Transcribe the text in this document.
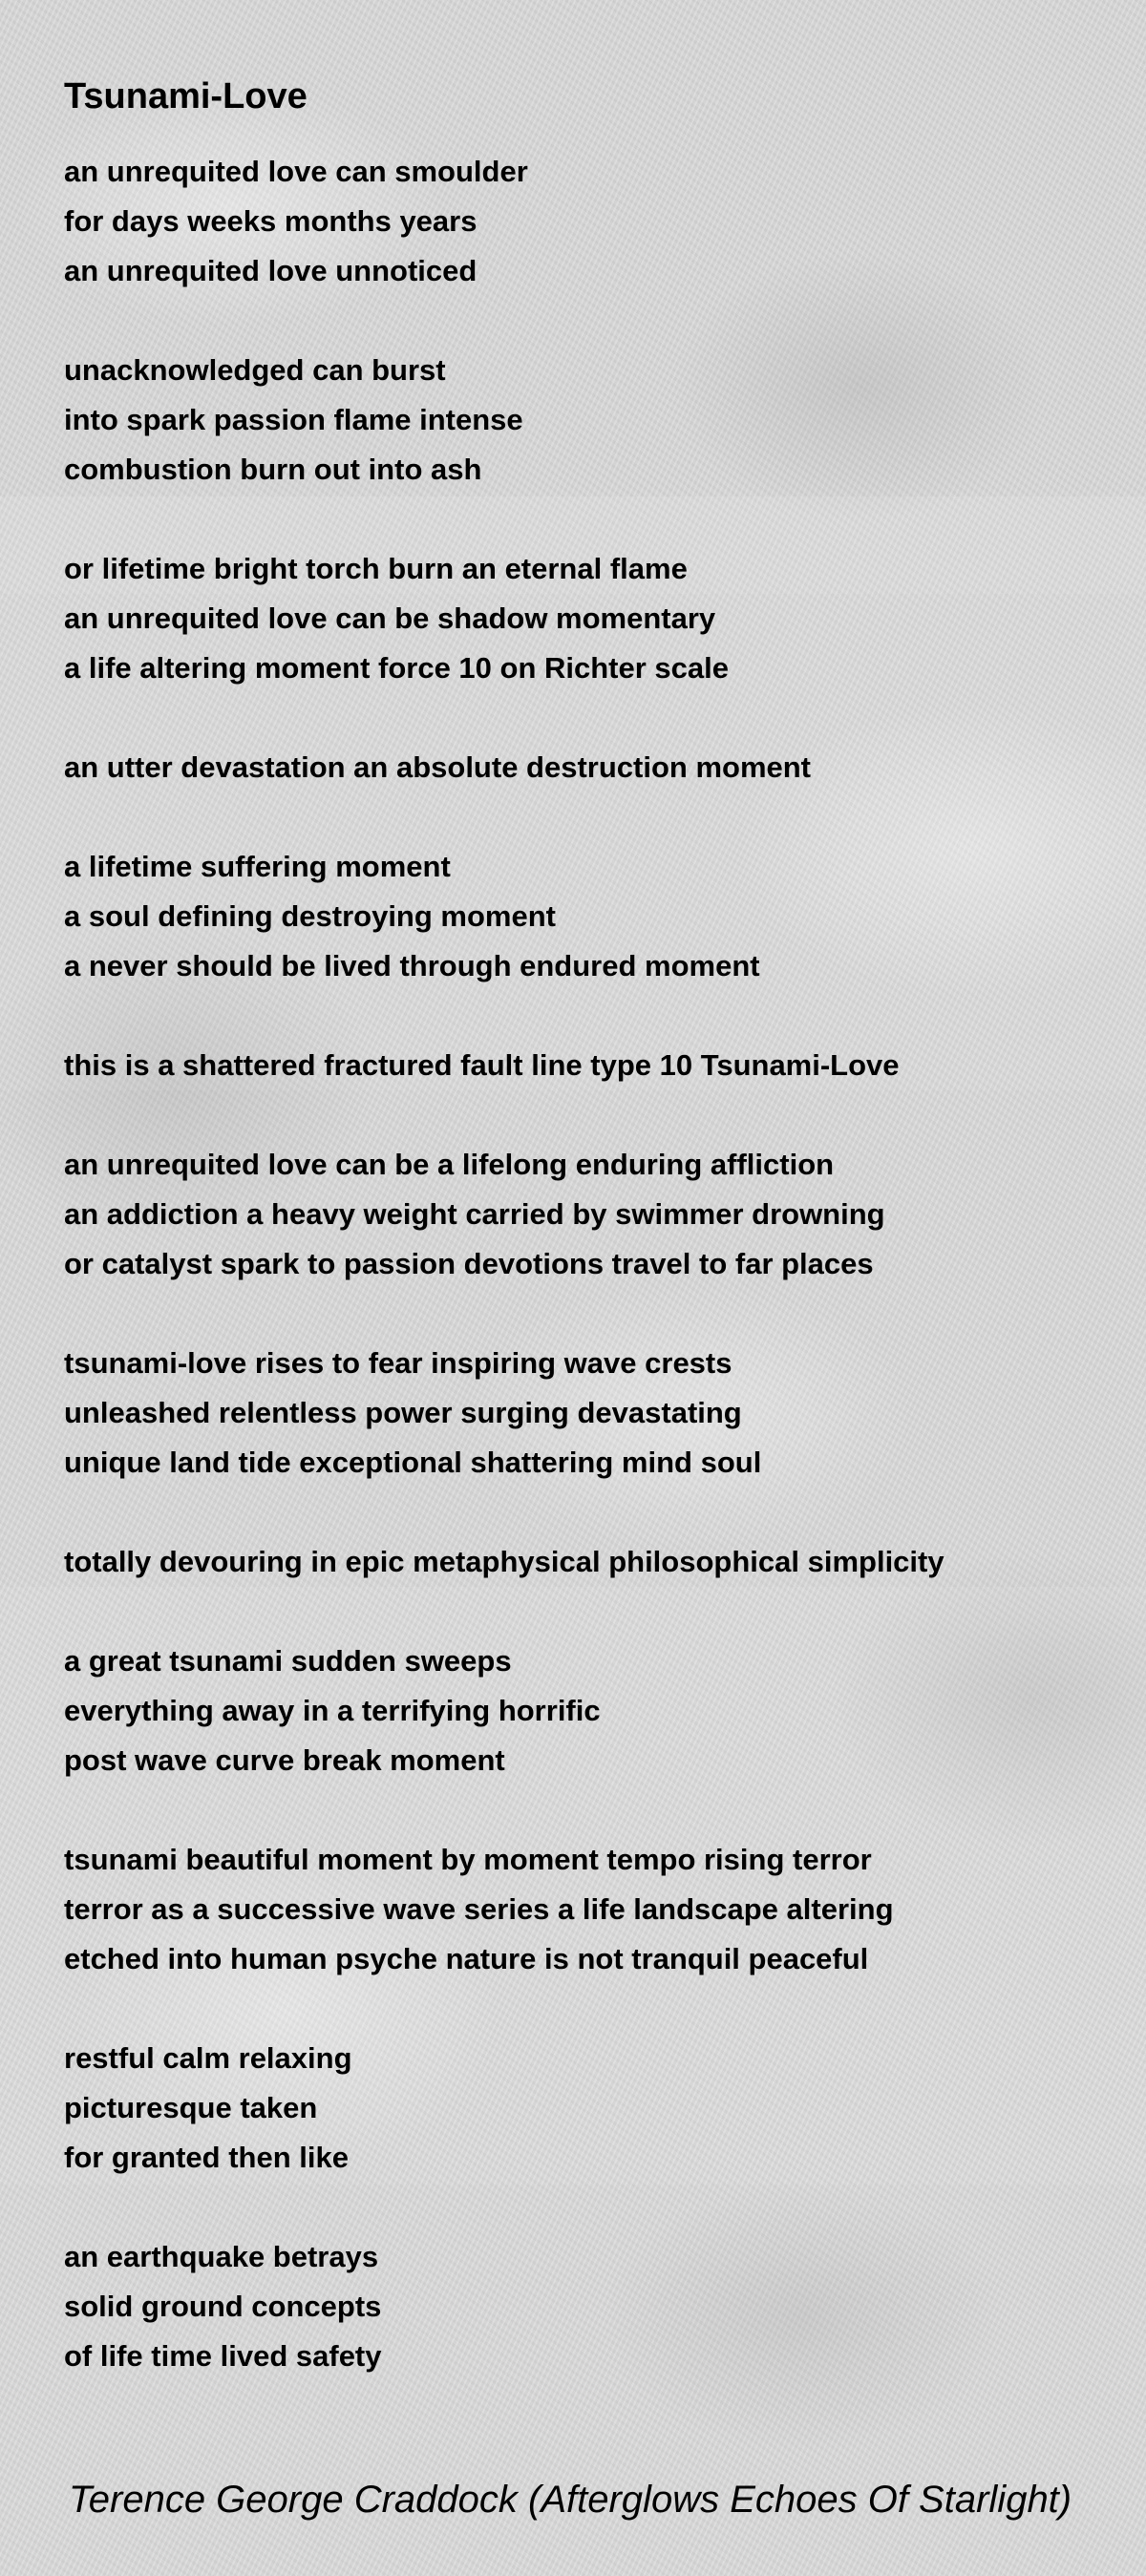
Tsunami-Love
an unrequited love can smoulder
for days weeks months years
an unrequited love unnoticed
unacknowledged can burst
into spark passion flame intense
combustion burn out into ash
or lifetime bright torch burn an eternal flame
an unrequited love can be shadow momentary
a life altering moment force 10 on Richter scale
an utter devastation an absolute destruction moment
a lifetime suffering moment
a soul defining destroying moment
a never should be lived through endured moment
this is a shattered fractured fault line type 10 Tsunami-Love
an unrequited love can be a lifelong enduring affliction
an addiction a heavy weight carried by swimmer drowning
or catalyst spark to passion devotions travel to far places
tsunami-love rises to fear inspiring wave crests
unleashed relentless power surging devastating
unique land tide exceptional shattering mind soul
totally devouring in epic metaphysical philosophical simplicity
a great tsunami sudden sweeps
everything away in a terrifying horrific
post wave curve break moment
tsunami beautiful moment by moment tempo rising terror
terror as a successive wave series a life landscape altering
etched into human psyche nature is not tranquil peaceful
restful calm relaxing
picturesque taken
for granted then like
an earthquake betrays
solid ground concepts
of life time lived safety
Terence George Craddock (Afterglows Echoes Of Starlight)
